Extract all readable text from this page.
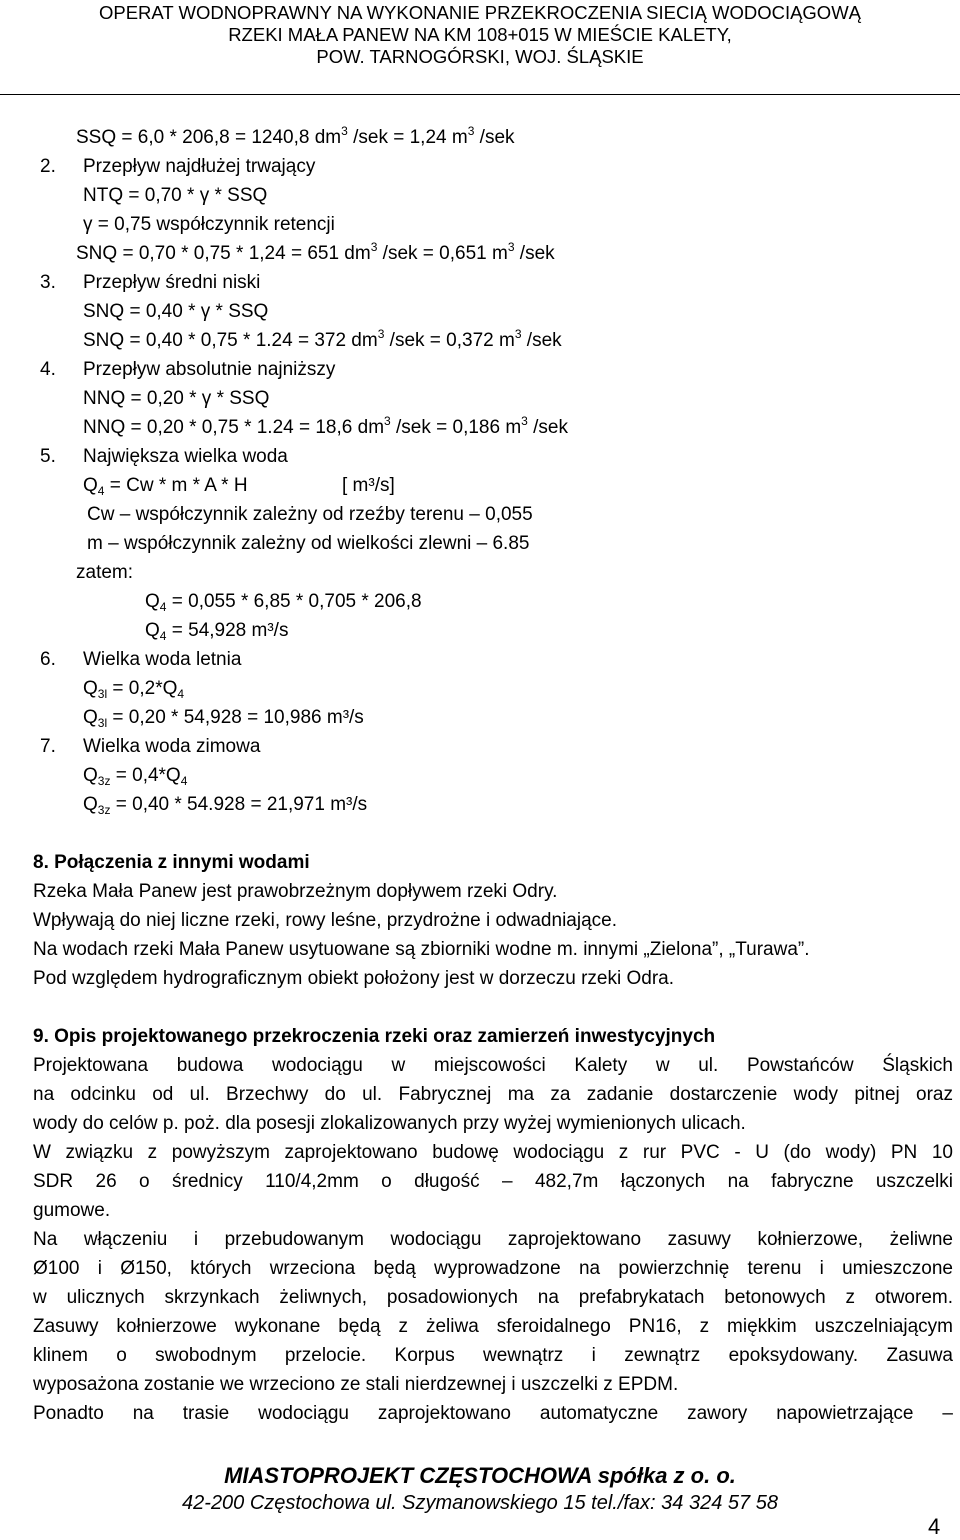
OPERAT WODNOPRAWNY NA WYKONANIE PRZEKROCZENIA SIECIĄ WODOCIĄGOWĄ
RZEKI MAŁA PANEW NA KM 108+015 W MIEŚCIE KALETY,
POW. TARNOGÓRSKI, WOJ. ŚLĄSKIE
SSQ = 6,0 * 206,8 = 1240,8 $dm^3$ /sek = 1,24 $m^3$ /sek
2. Przepływ najdłużej trwający
NTQ = 0,70 * γ * SSQ
γ = 0,75 współczynnik retencji
SNQ = 0,70 * 0,75 * 1,24 = 651 $dm^3$ /sek = 0,651 $m^3$ /sek
3. Przepływ średni niski
SNQ = 0,40 * γ * SSQ
SNQ = 0,40 * 0,75 * 1.24 = 372 $dm^3$ /sek = 0,372 $m^3$ /sek
4. Przepływ absolutnie najniższy
NNQ = 0,20 * γ * SSQ
NNQ = 0,20 * 0,75 * 1.24 = 18,6 $dm^3$ /sek = 0,186 $m^3$ /sek
5. Największa wielka woda
$Q_4 = Cw * m * A * H$	[ m³/s]
Cw – współczynnik zależny od rzeźby terenu – 0,055
m – współczynnik zależny od wielkości zlewni – 6.85
zatem:
$Q_4 = 0,055 * 6,85 * 0,705 * 206,8$
$Q_4 = 54,928$ m³/s
6. Wielka woda letnia
$Q_{3l} = 0,2*Q_4$
$Q_{3l} = 0,20 * 54,928 = 10,986$ m³/s
7. Wielka woda zimowa
$Q_{3z} = 0,4*Q_4$
$Q_{3z} = 0,40 * 54.928 = 21,971$ m³/s
8. Połączenia z innymi wodami
Rzeka Mała Panew jest prawobrzeżnym dopływem rzeki Odry.
Wpływają do niej liczne rzeki, rowy leśne, przydrożne i odwadniające.
Na wodach rzeki Mała Panew usytuowane są zbiorniki wodne m. innymi „Zielona”, „Turawa”.
Pod względem hydrograficznym obiekt położony jest w dorzeczu rzeki Odra.
9. Opis projektowanego przekroczenia rzeki oraz zamierzeń inwestycyjnych
Projektowana budowa wodociągu w miejscowości Kalety w ul. Powstańców Śląskich
na odcinku od ul. Brzechwy do ul. Fabrycznej ma za zadanie dostarczenie wody pitnej oraz
wody do celów p. poż. dla posesji zlokalizowanych przy wyżej wymienionych ulicach.
W związku z powyższym zaprojektowano budowę wodociągu z rur PVC - U (do wody) PN 10
SDR 26 o średnicy 110/4,2mm o długość – 482,7m łączonych na fabryczne uszczelki
gumowe.
Na włączeniu i przebudowanym wodociągu zaprojektowano zasuwy kołnierzowe, żeliwne
Ø100 i Ø150, których wrzeciona będą wyprowadzone na powierzchnię terenu i umieszczone
w ulicznych skrzynkach żeliwnych, posadowionych na prefabrykatach betonowych z otworem.
Zasuwy kołnierzowe wykonane będą z żeliwa sferoidalnego PN16, z miękkim uszczelniającym
klinem o swobodnym przelocie. Korpus wewnątrz i zewnątrz epoksydowany. Zasuwa
wyposażona zostanie we wrzeciono ze stali nierdzewnej i uszczelki z EPDM.
Ponadto na trasie wodociągu zaprojektowano automatyczne zawory napowietrzające –
MIASTOPROJEKT CZĘSTOCHOWA spółka z o. o.
42-200 Częstochowa ul. Szymanowskiego 15 tel./fax: 34 324 57 58
4
